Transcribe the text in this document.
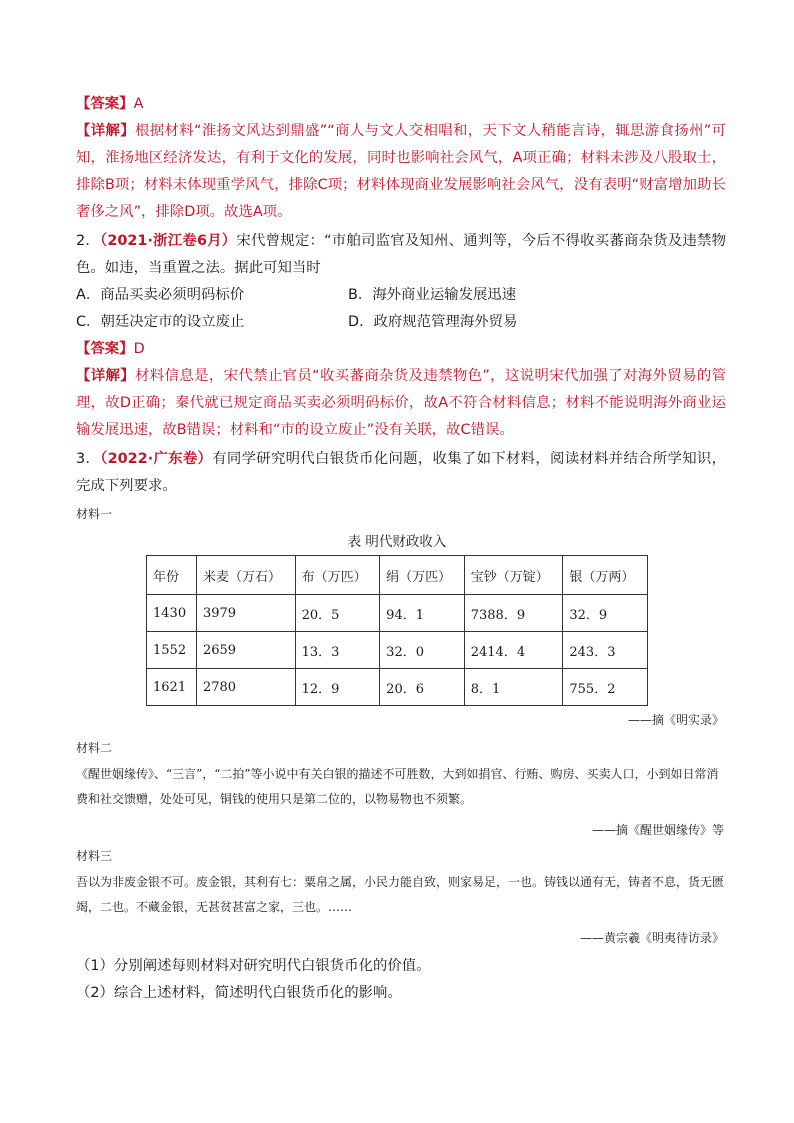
【答案】A
【详解】根据材料“淮扬文风达到鼎盛”“商人与文人交相唱和，天下文人稍能言诗，辄思游食扬州”可知，淮扬地区经济发达，有利于文化的发展，同时也影响社会风气，A项正确；材料未涉及八股取士，排除B项；材料未体现重学风气，排除C项；材料体现商业发展影响社会风气，没有表明“财富增加助长奢侈之风”，排除D项。故选A项。
2．（2021·浙江卷6月）宋代曾规定：“市舶司监官及知州、通判等，今后不得收买蕃商杂货及违禁物色。如违，当重置之法。据此可知当时
A．商品买卖必须明码标价	B．海外商业运输发展迅速
C．朝廷决定市的设立废止	D．政府规范管理海外贸易
【答案】D
【详解】材料信息是，宋代禁止官员“收买蕃商杂货及违禁物色”，这说明宋代加强了对海外贸易的管理，故D正确；秦代就已规定商品买卖必须明码标价，故A不符合材料信息；材料不能说明海外商业运输发展迅速，故B错误；材料和“市的设立废止”没有关联，故C错误。
3．（2022·广东卷）有同学研究明代白银货币化问题，收集了如下材料，阅读材料并结合所学知识，完成下列要求。
材料一
表 明代财政收入
年份	米麦（万石）	布（万匹）	绢（万匹）	宝钞（万锭）	银（万两）
1430	3979	20．5	94．1	7388．9	32．9
1552	2659	13．3	32．0	2414．4	243．3
1621	2780	12．9	20．6	8．1	755．2
——摘《明实录》
材料二
《醒世姻缘传》、“三言”，“二拍”等小说中有关白银的描述不可胜数，大到如捐官、行贿、购房、买卖人口，小到如日常消费和社交馈赠，处处可见，铜钱的使用只是第二位的，以物易物也不须繁。
——摘《醒世姻缘传》等
材料三
吾以为非废金银不可。废金银，其利有七：粟帛之属，小民力能自致，则家易足，一也。铸钱以通有无，铸者不息，货无匮竭，二也。不藏金银，无甚贫甚富之家，三也。……
——黄宗羲《明夷待访录》
（1）分别阐述每则材料对研究明代白银货币化的价值。
（2）综合上述材料，简述明代白银货币化的影响。
